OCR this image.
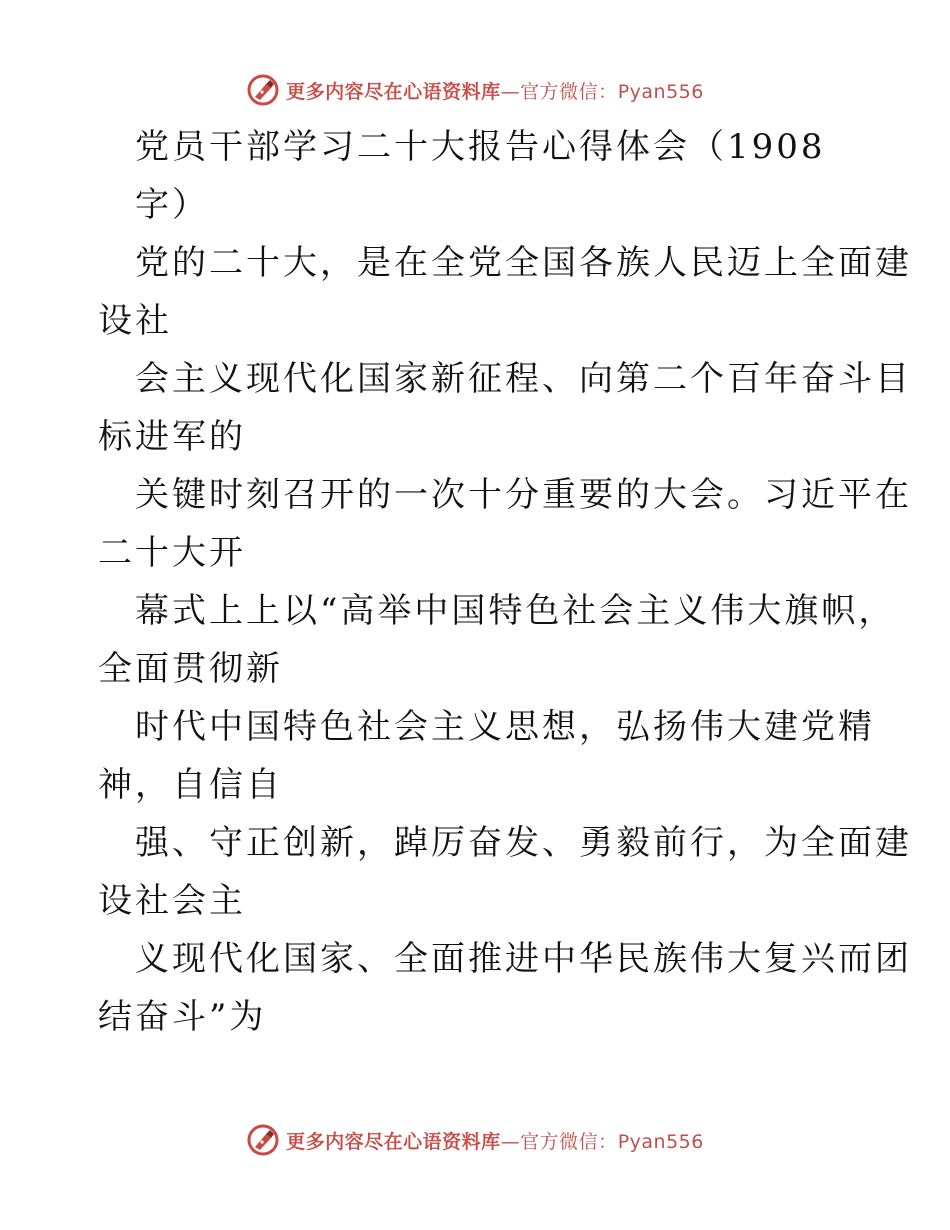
更多内容尽在心语资料库—官方微信：Pyan556
党员干部学习二十大报告心得体会（1908
字）
党的二十大，是在全党全国各族人民迈上全面建
设社
会主义现代化国家新征程、向第二个百年奋斗目
标进军的
关键时刻召开的一次十分重要的大会。习近平在
二十大开
幕式上上以“高举中国特色社会主义伟大旗帜，
全面贯彻新
时代中国特色社会主义思想，弘扬伟大建党精
神，自信自
强、守正创新，踔厉奋发、勇毅前行，为全面建
设社会主
义现代化国家、全面推进中华民族伟大复兴而团
结奋斗”为
更多内容尽在心语资料库—官方微信：Pyan556
